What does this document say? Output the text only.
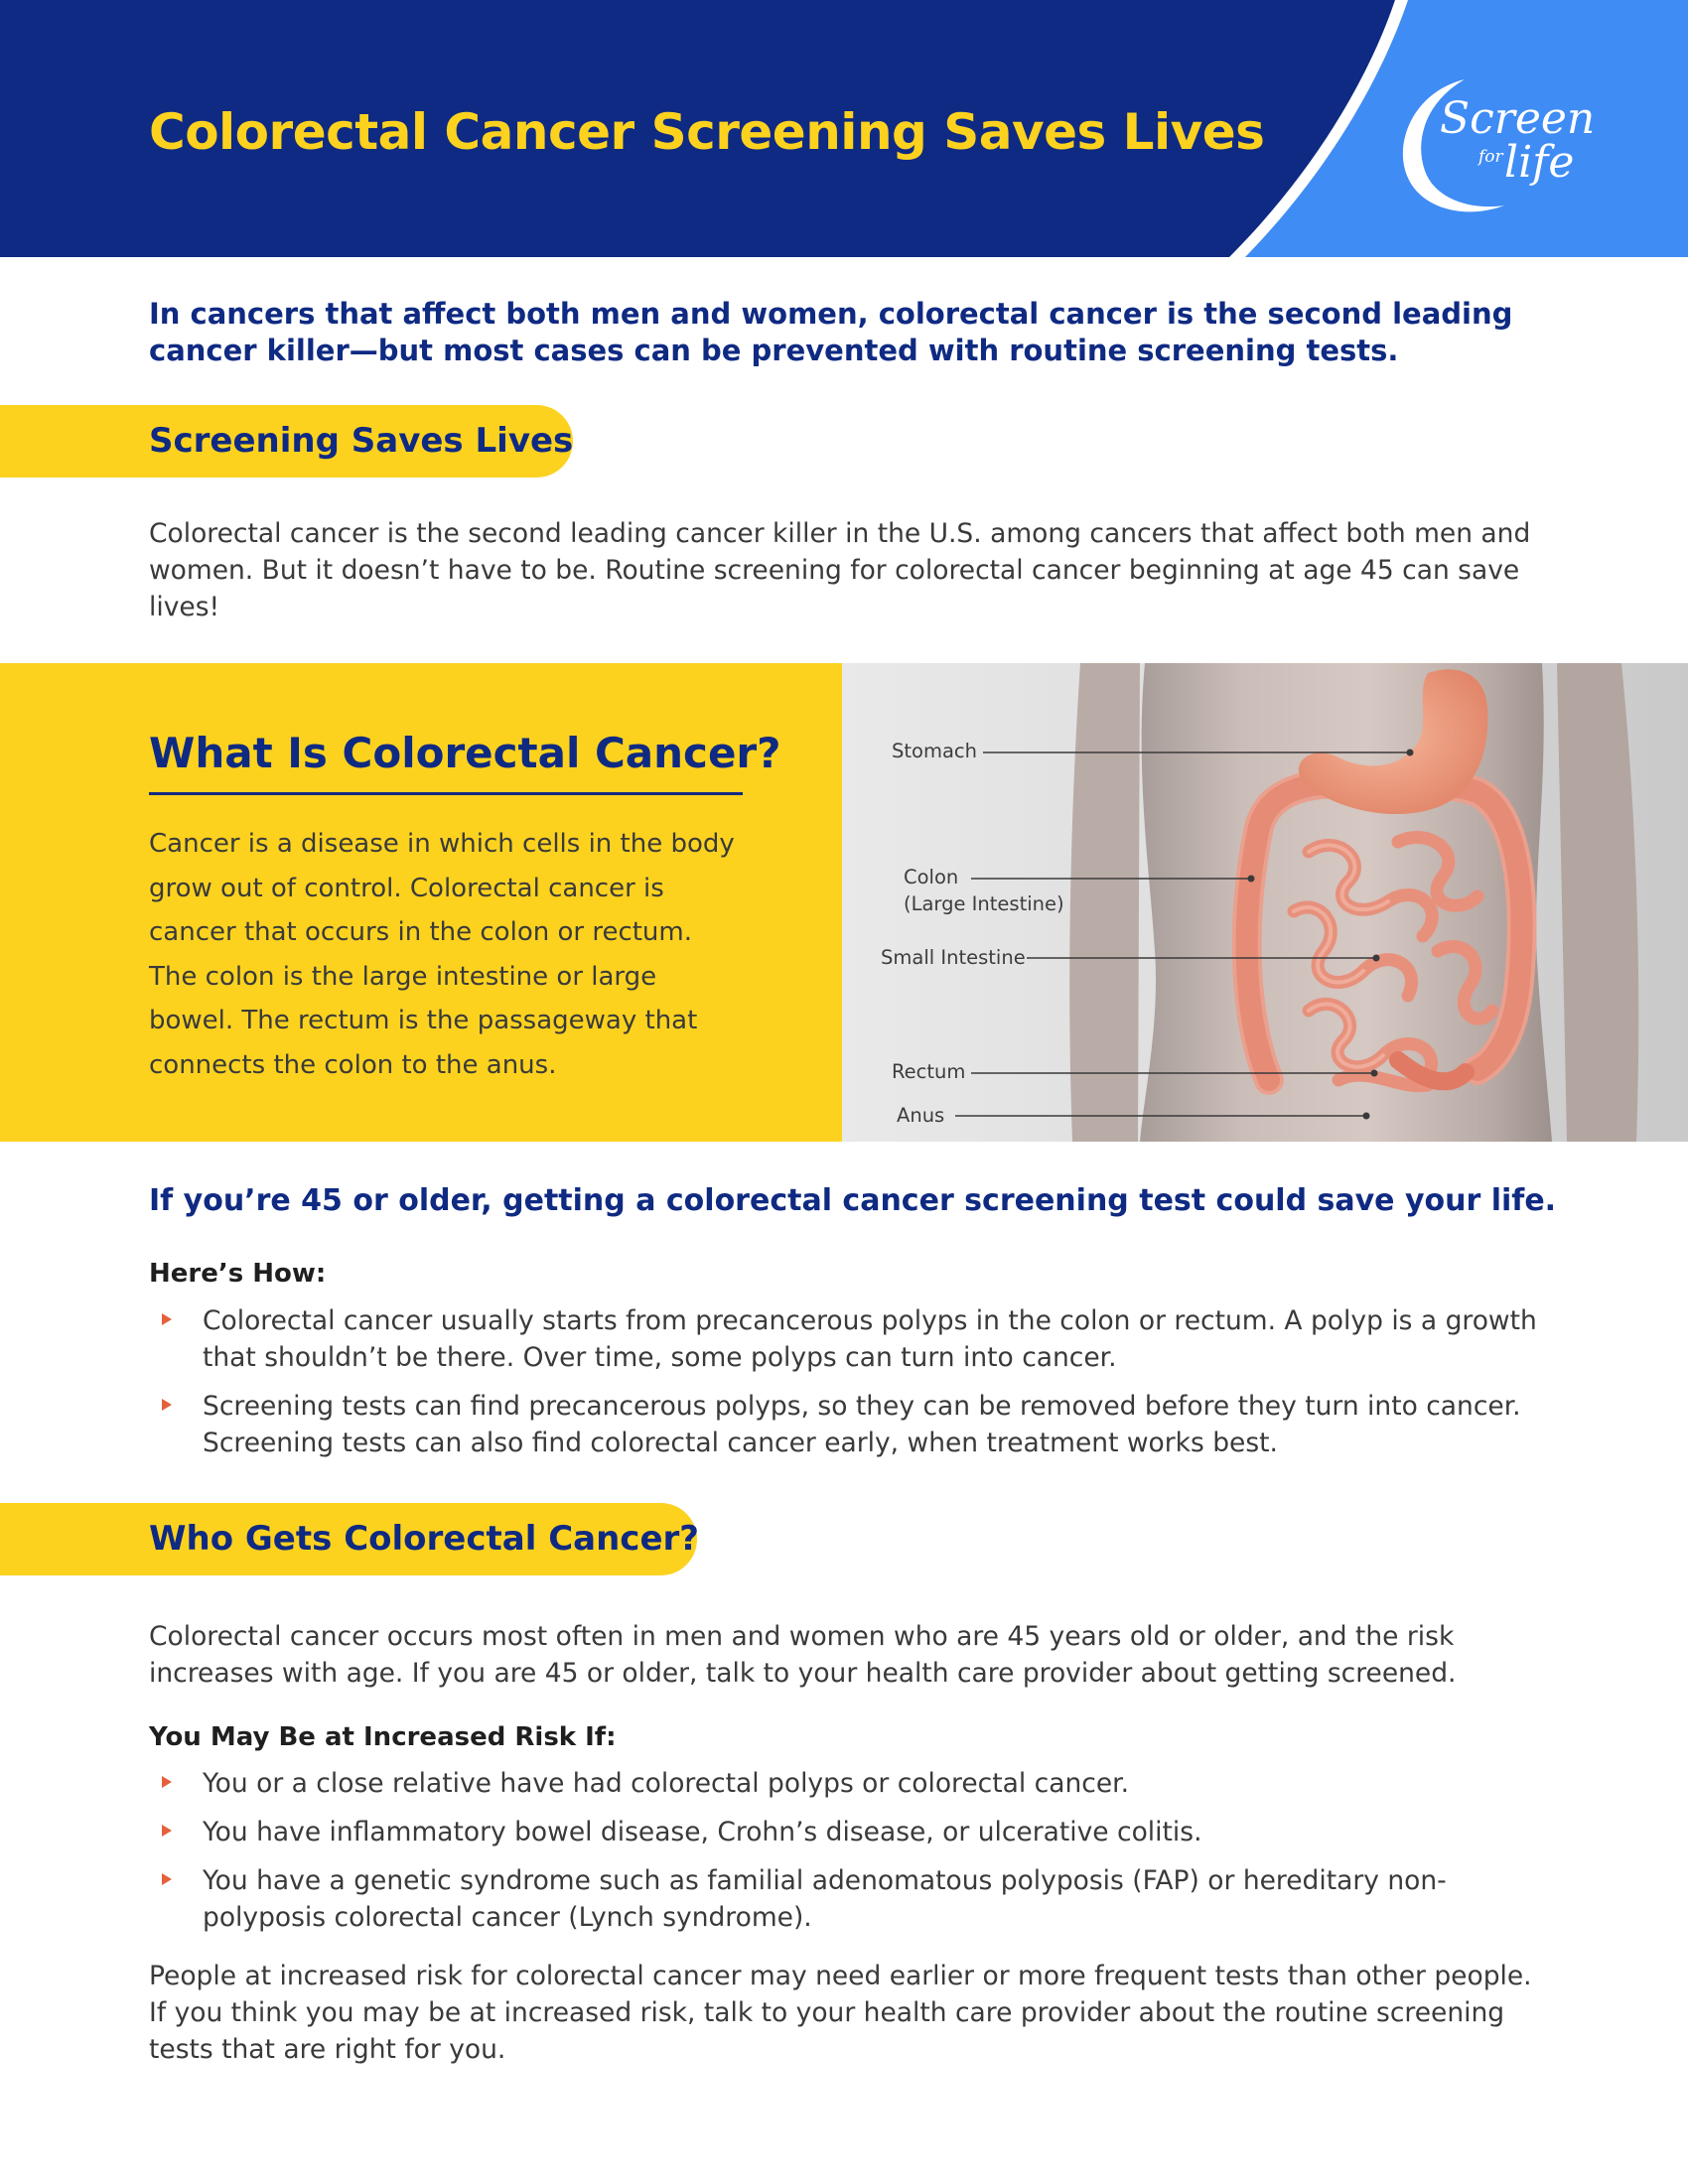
Colorectal Cancer Screening Saves Lives	Screen
for life

In cancers that affect both men and women, colorectal cancer is the second leading cancer killer—but most cases can be prevented with routine screening tests.

Screening Saves Lives

Colorectal cancer is the second leading cancer killer in the U.S. among cancers that affect both men and women. But it doesn’t have to be. Routine screening for colorectal cancer beginning at age 45 can save lives!

What Is Colorectal Cancer?

Cancer is a disease in which cells in the body grow out of control. Colorectal cancer is cancer that occurs in the colon or rectum. The colon is the large intestine or large bowel. The rectum is the passageway that connects the colon to the anus.

Stomach
Colon
(Large Intestine)
Small Intestine
Rectum
Anus

If you’re 45 or older, getting a colorectal cancer screening test could save your life.

Here’s How:
Colorectal cancer usually starts from precancerous polyps in the colon or rectum. A polyp is a growth that shouldn’t be there. Over time, some polyps can turn into cancer.
Screening tests can find precancerous polyps, so they can be removed before they turn into cancer. Screening tests can also find colorectal cancer early, when treatment works best.
Who Gets Colorectal Cancer?

Colorectal cancer occurs most often in men and women who are 45 years old or older, and the risk increases with age. If you are 45 or older, talk to your health care provider about getting screened.

You May Be at Increased Risk If:
You or a close relative have had colorectal polyps or colorectal cancer.
You have inflammatory bowel disease, Crohn’s disease, or ulcerative colitis.
You have a genetic syndrome such as familial adenomatous polyposis (FAP) or hereditary non-polyposis colorectal cancer (Lynch syndrome).

People at increased risk for colorectal cancer may need earlier or more frequent tests than other people. If you think you may be at increased risk, talk to your health care provider about the routine screening tests that are right for you.
